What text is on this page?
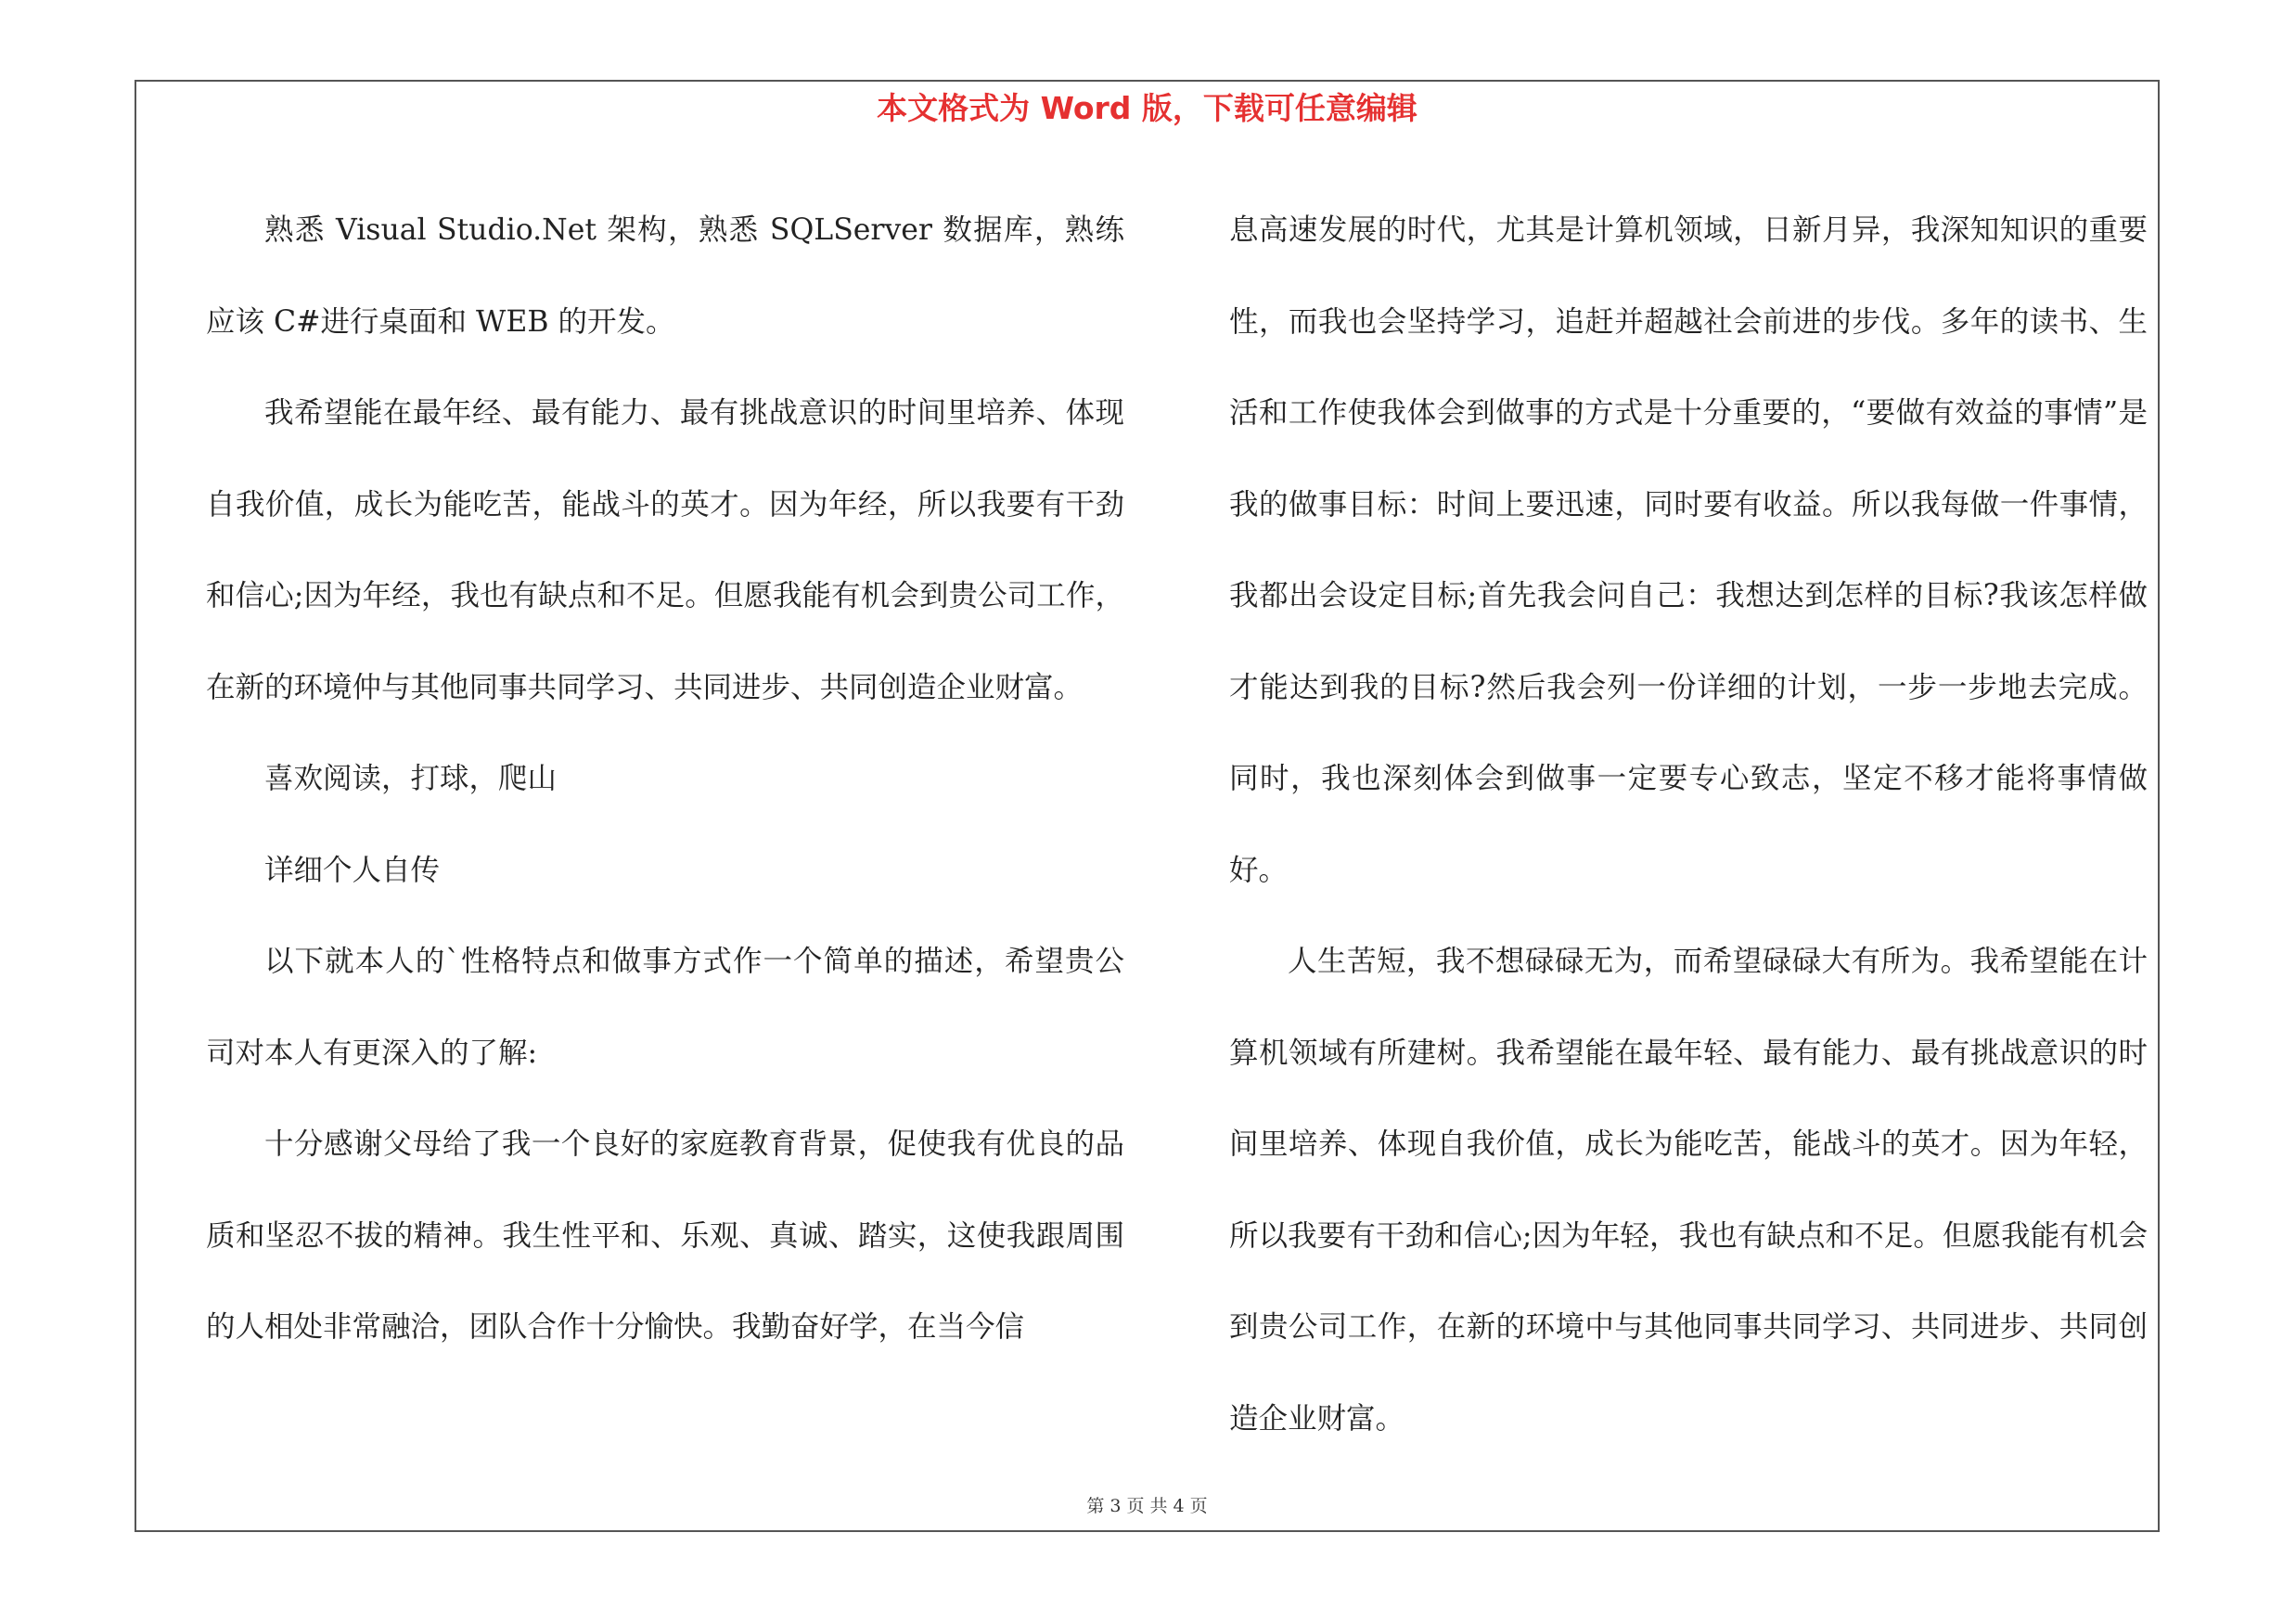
本文格式为 Word 版，下载可任意编辑

熟悉 Visual Studio.Net 架构，熟悉 SQLServer 数据库，熟练应该 C#进行桌面和 WEB 的开发。

我希望能在最年经、最有能力、最有挑战意识的时间里培养、体现自我价值，成长为能吃苦，能战斗的英才。因为年经，所以我要有干劲和信心;因为年经，我也有缺点和不足。但愿我能有机会到贵公司工作，在新的环境仲与其他同事共同学习、共同进步、共同创造企业财富。

喜欢阅读，打球，爬山

详细个人自传

以下就本人的`性格特点和做事方式作一个简单的描述，希望贵公司对本人有更深入的了解:

十分感谢父母给了我一个良好的家庭教育背景，促使我有优良的品质和坚忍不拔的精神。我生性平和、乐观、真诚、踏实，这使我跟周围的人相处非常融洽，团队合作十分愉快。我勤奋好学，在当今信

息高速发展的时代，尤其是计算机领域，日新月异，我深知知识的重要性，而我也会坚持学习，追赶并超越社会前进的步伐。多年的读书、生活和工作使我体会到做事的方式是十分重要的，“要做有效益的事情”是我的做事目标：时间上要迅速，同时要有收益。所以我每做一件事情，我都出会设定目标;首先我会问自己：我想达到怎样的目标?我该怎样做才能达到我的目标?然后我会列一份详细的计划，一步一步地去完成。同时，我也深刻体会到做事一定要专心致志，坚定不移才能将事情做好。

人生苦短，我不想碌碌无为，而希望碌碌大有所为。我希望能在计算机领域有所建树。我希望能在最年轻、最有能力、最有挑战意识的时间里培养、体现自我价值，成长为能吃苦，能战斗的英才。因为年轻，所以我要有干劲和信心;因为年轻，我也有缺点和不足。但愿我能有机会到贵公司工作，在新的环境中与其他同事共同学习、共同进步、共同创造企业财富。

第 3 页 共 4 页
